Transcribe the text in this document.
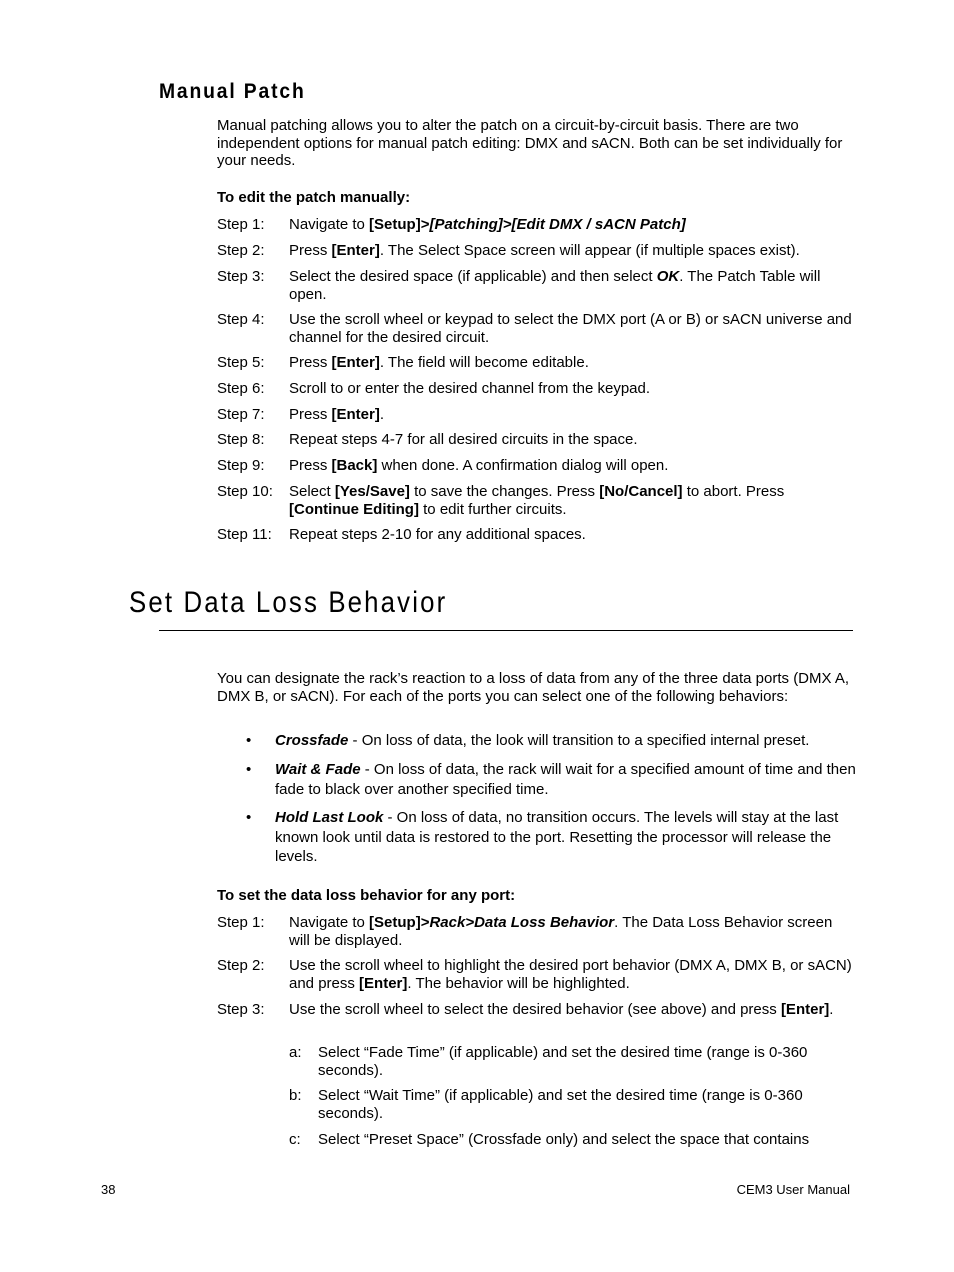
Manual Patch
Manual patching allows you to alter the patch on a circuit-by-circuit basis. There are two independent options for manual patch editing: DMX and sACN. Both can be set individually for your needs.
To edit the patch manually:
Step 1: Navigate to [Setup]>[Patching]>[Edit DMX / sACN Patch]
Step 2: Press [Enter]. The Select Space screen will appear (if multiple spaces exist).
Step 3: Select the desired space (if applicable) and then select OK. The Patch Table will open.
Step 4: Use the scroll wheel or keypad to select the DMX port (A or B) or sACN universe and channel for the desired circuit.
Step 5: Press [Enter]. The field will become editable.
Step 6: Scroll to or enter the desired channel from the keypad.
Step 7: Press [Enter].
Step 8: Repeat steps 4-7 for all desired circuits in the space.
Step 9: Press [Back] when done. A confirmation dialog will open.
Step 10: Select [Yes/Save] to save the changes. Press [No/Cancel] to abort. Press [Continue Editing] to edit further circuits.
Step 11: Repeat steps 2-10 for any additional spaces.
Set Data Loss Behavior
You can designate the rack’s reaction to a loss of data from any of the three data ports (DMX A, DMX B, or sACN). For each of the ports you can select one of the following behaviors:
• Crossfade - On loss of data, the look will transition to a specified internal preset.
• Wait & Fade - On loss of data, the rack will wait for a specified amount of time and then fade to black over another specified time.
• Hold Last Look - On loss of data, no transition occurs. The levels will stay at the last known look until data is restored to the port. Resetting the processor will release the levels.
To set the data loss behavior for any port:
Step 1: Navigate to [Setup]>Rack>Data Loss Behavior. The Data Loss Behavior screen will be displayed.
Step 2: Use the scroll wheel to highlight the desired port behavior (DMX A, DMX B, or sACN) and press [Enter]. The behavior will be highlighted.
Step 3: Use the scroll wheel to select the desired behavior (see above) and press [Enter].
a: Select “Fade Time” (if applicable) and set the desired time (range is 0-360 seconds).
b: Select “Wait Time” (if applicable) and set the desired time (range is 0-360 seconds).
c: Select “Preset Space” (Crossfade only) and select the space that contains
38	CEM3 User Manual
